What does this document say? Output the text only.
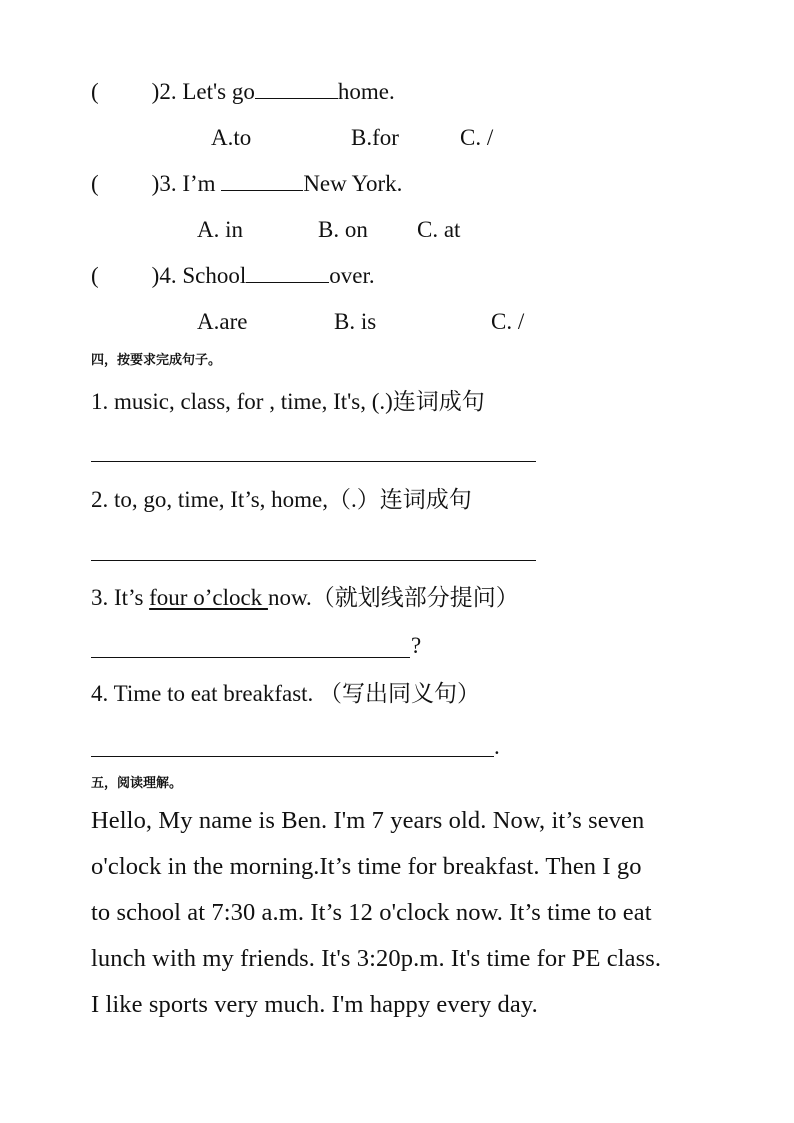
( )2. Let's go	home.
A.to	B.for	C. /
( )3. I’m	New York.
A. in	B. on C. at
( )4. School	over.
A.are	B. is	C. /
四，按要求完成句子。
1. music, class, for , time, It's, (.)连词成句
2. to, go, time, It’s, home,（.）连词成句
3. It’s four o’clock now.（就划线部分提问）
?
4. Time to eat breakfast. （写出同义句）
.
五，阅读理解。

Hello, My name is Ben. I'm 7 years old. Now, it’s seven

o'clock in the morning.It’s time for breakfast. Then I go

to school at 7:30 a.m. It’s 12 o'clock now. It’s time to eat

lunch with my friends. It's 3:20p.m. It's time for PE class.

I like sports very much. I'm happy every day.
